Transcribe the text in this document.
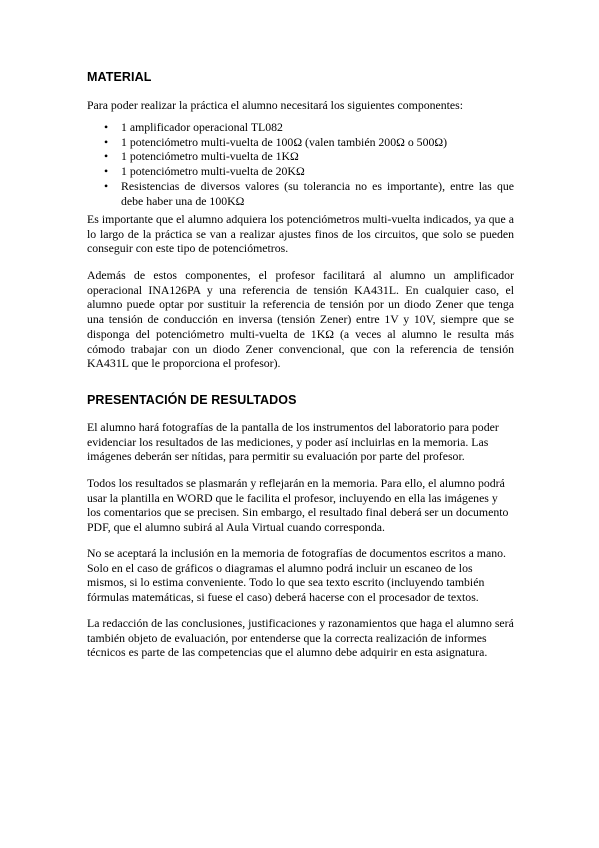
MATERIAL

Para poder realizar la práctica el alumno necesitará los siguientes componentes:

• 1 amplificador operacional TL082
• 1 potenciómetro multi-vuelta de 100Ω (valen también 200Ω o 500Ω)
• 1 potenciómetro multi-vuelta de 1KΩ
• 1 potenciómetro multi-vuelta de 20KΩ
• Resistencias de diversos valores (su tolerancia no es importante), entre las que debe haber una de 100KΩ

Es importante que el alumno adquiera los potenciómetros multi-vuelta indicados, ya que a lo largo de la práctica se van a realizar ajustes finos de los circuitos, que solo se pueden conseguir con este tipo de potenciómetros.

Además de estos componentes, el profesor facilitará al alumno un amplificador operacional INA126PA y una referencia de tensión KA431L. En cualquier caso, el alumno puede optar por sustituir la referencia de tensión por un diodo Zener que tenga una tensión de conducción en inversa (tensión Zener) entre 1V y 10V, siempre que se disponga del potenciómetro multi-vuelta de 1KΩ (a veces al alumno le resulta más cómodo trabajar con un diodo Zener convencional, que con la referencia de tensión KA431L que le proporciona el profesor).

PRESENTACIÓN DE RESULTADOS

El alumno hará fotografías de la pantalla de los instrumentos del laboratorio para poder evidenciar los resultados de las mediciones, y poder así incluirlas en la memoria. Las imágenes deberán ser nítidas, para permitir su evaluación por parte del profesor.

Todos los resultados se plasmarán y reflejarán en la memoria. Para ello, el alumno podrá usar la plantilla en WORD que le facilita el profesor, incluyendo en ella las imágenes y los comentarios que se precisen. Sin embargo, el resultado final deberá ser un documento PDF, que el alumno subirá al Aula Virtual cuando corresponda.

No se aceptará la inclusión en la memoria de fotografías de documentos escritos a mano. Solo en el caso de gráficos o diagramas el alumno podrá incluir un escaneo de los mismos, si lo estima conveniente. Todo lo que sea texto escrito (incluyendo también fórmulas matemáticas, si fuese el caso) deberá hacerse con el procesador de textos.

La redacción de las conclusiones, justificaciones y razonamientos que haga el alumno será también objeto de evaluación, por entenderse que la correcta realización de informes técnicos es parte de las competencias que el alumno debe adquirir en esta asignatura.
